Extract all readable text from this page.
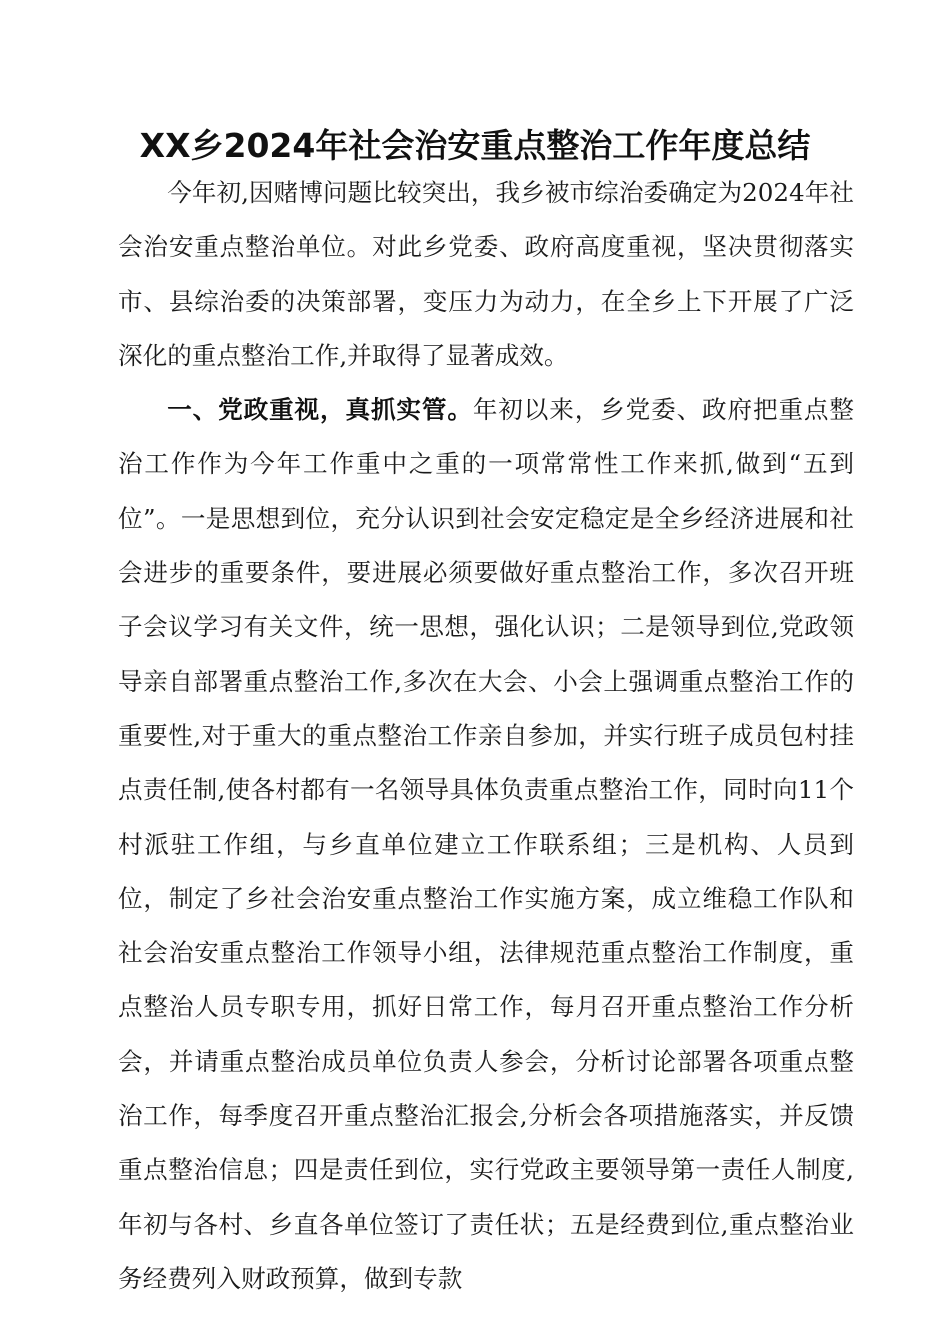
XX乡2024年社会治安重点整治工作年度总结

今年初,因赌博问题比较突出，我乡被市综治委确定为2024年社会治安重点整治单位。对此乡党委、政府高度重视，坚决贯彻落实市、县综治委的决策部署，变压力为动力，在全乡上下开展了广泛深化的重点整治工作,并取得了显著成效。

一、党政重视，真抓实管。年初以来，乡党委、政府把重点整治工作作为今年工作重中之重的一项常常性工作来抓,做到“五到位”。一是思想到位，充分认识到社会安定稳定是全乡经济进展和社会进步的重要条件，要进展必须要做好重点整治工作，多次召开班子会议学习有关文件，统一思想，强化认识；二是领导到位,党政领导亲自部署重点整治工作,多次在大会、小会上强调重点整治工作的重要性,对于重大的重点整治工作亲自参加，并实行班子成员包村挂点责任制,使各村都有一名领导具体负责重点整治工作，同时向11个村派驻工作组，与乡直单位建立工作联系组；三是机构、人员到位，制定了乡社会治安重点整治工作实施方案，成立维稳工作队和社会治安重点整治工作领导小组，法律规范重点整治工作制度，重点整治人员专职专用，抓好日常工作，每月召开重点整治工作分析会，并请重点整治成员单位负责人参会，分析讨论部署各项重点整治工作，每季度召开重点整治汇报会,分析会各项措施落实，并反馈重点整治信息；四是责任到位，实行党政主要领导第一责任人制度,年初与各村、乡直各单位签订了责任状；五是经费到位,重点整治业务经费列入财政预算，做到专款
